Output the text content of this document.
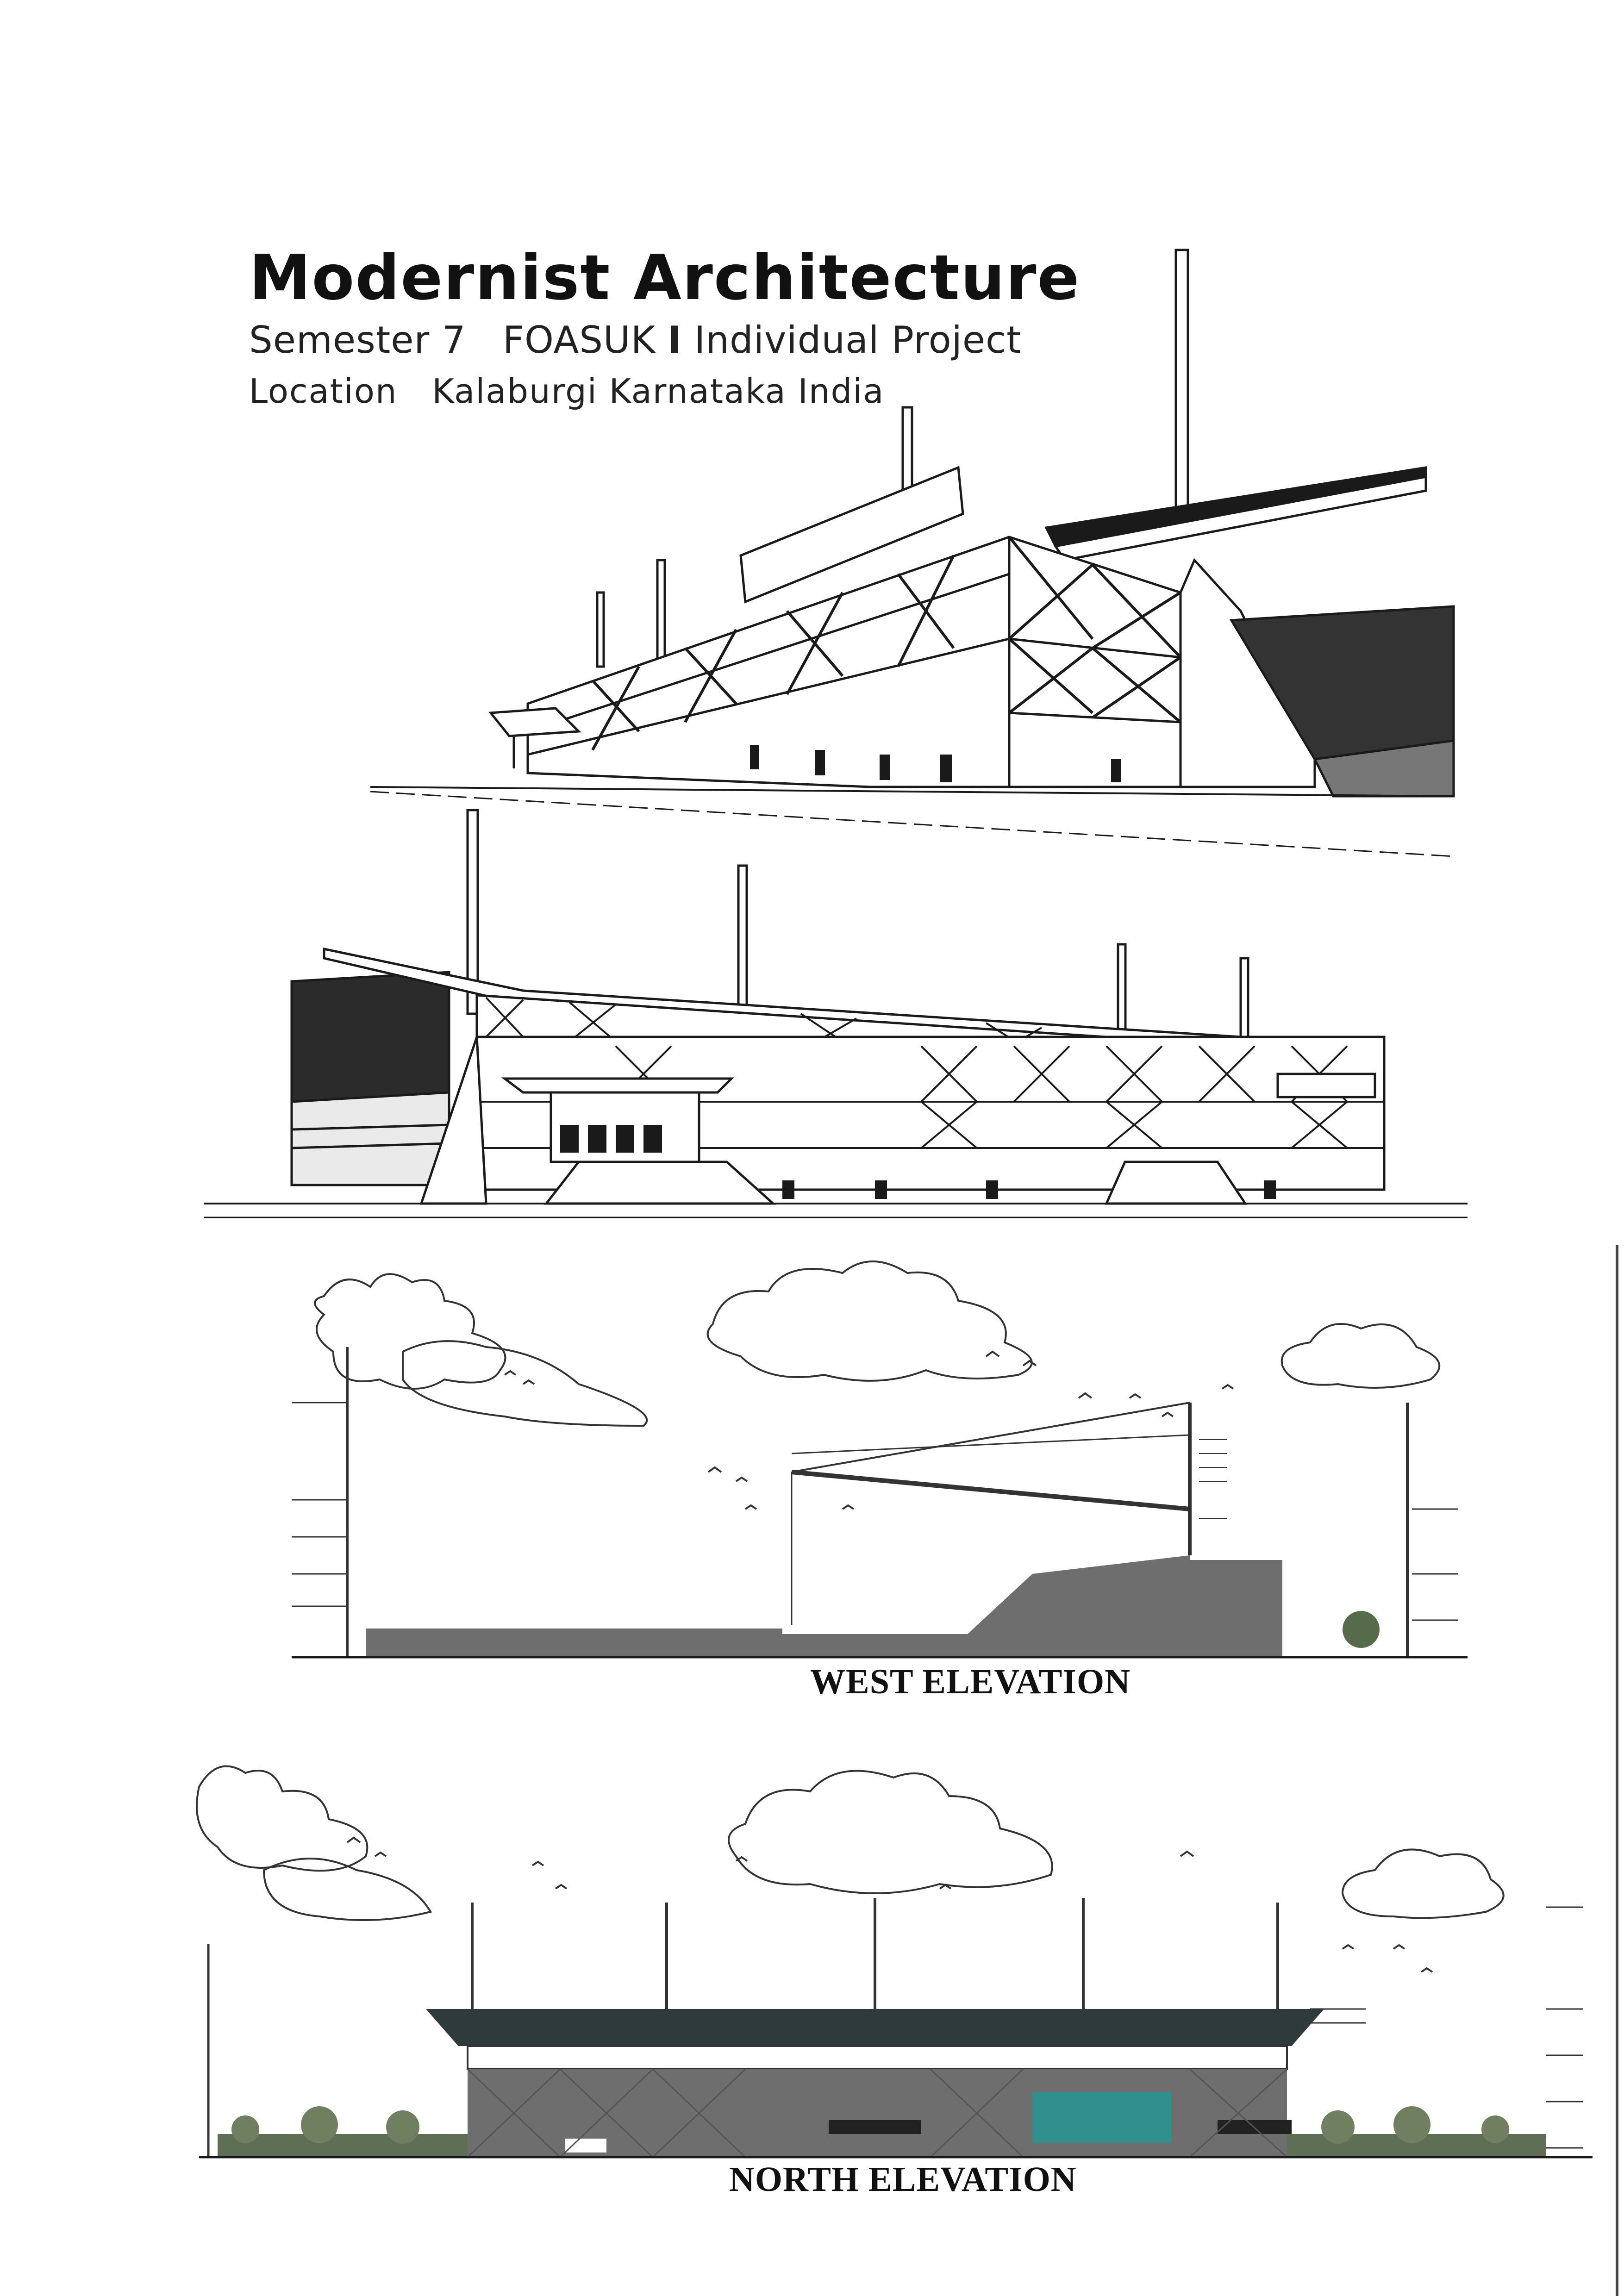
Modernist Architecture

Semester 7 FOASUK I Individual Project

Location Kalaburgi Karnataka India

WEST ELEVATION
NORTH ELEVATION
